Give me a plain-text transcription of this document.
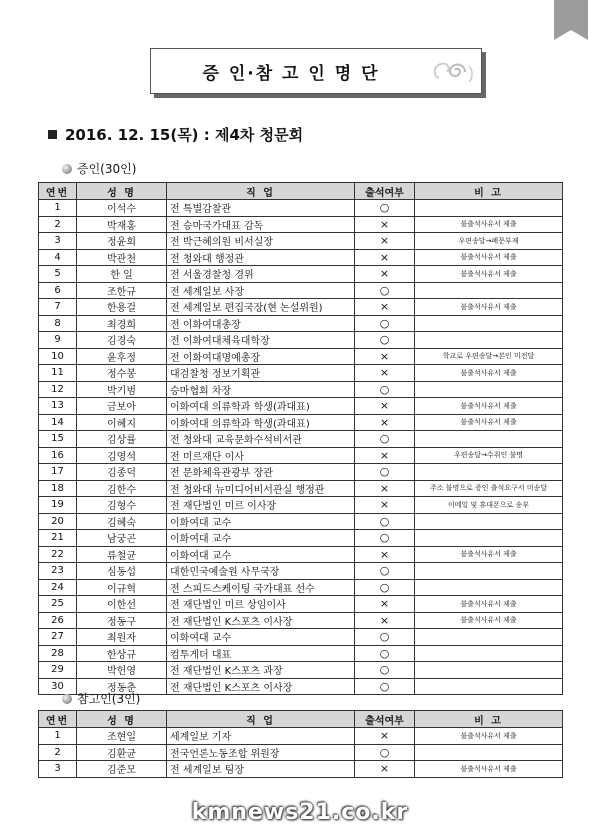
증 인·참 고 인 명 단
2016. 12. 15(목) : 제4차 청문회
증인(30인)
연번	성 명	직 업	출석여부	비 고
1	이석수	전 특별감찰관	○	
2	박재홍	전 승마국가대표 감독	×	불출석사유서 제출
3	정윤회	전 박근혜의원 비서실장	×	우편송달→폐문부재
4	박관천	전 청와대 행정관	×	불출석사유서 제출
5	한 일	전 서울경찰청 경위	×	불출석사유서 제출
6	조한규	전 세계일보 사장	○	
7	한용걸	전 세계일보 편집국장(현 논설위원)	×	불출석사유서 제출
8	최경희	전 이화여대총장	○	
9	김경숙	전 이화여대체육대학장	○	
10	윤후정	전 이화여대명예총장	×	학교로 우편송달→본인 미전달
11	정수봉	대검찰청 정보기획관	×	불출석사유서 제출
12	박기범	승마협회 차장	○	
13	금보아	이화여대 의류학과 학생(과대표)	×	불출석사유서 제출
14	이혜지	이화여대 의류학과 학생(과대표)	×	불출석사유서 제출
15	김상률	전 청와대 교육문화수석비서관	○	
16	김영석	전 미르재단 이사	×	우편송달→수취인 불명
17	김종덕	전 문화체육관광부 장관	○	
18	김한수	전 청와대 뉴미디어비서관실 행정관	×	주소 불명으로 증인 출석요구서 미송달
19	김형수	전 재단법인 미르 이사장	×	이메일 및 휴대폰으로 송부
20	김혜숙	이화여대 교수	○	
21	남궁곤	이화여대 교수	○	
22	류철균	이화여대 교수	×	불출석사유서 제출
23	심동섭	대한민국예술원 사무국장	○	
24	이규혁	전 스피드스케이팅 국가대표 선수	○	
25	이한선	전 재단법인 미르 상임이사	×	불출석사유서 제출
26	정동구	전 재단법인 K스포츠 이사장	×	불출석사유서 제출
27	최원자	이화여대 교수	○	
28	한상규	컴투게더 대표	○	
29	박헌영	전 재단법인 K스포츠 과장	○	
30	정동춘	전 재단법인 K스포츠 이사장	○	
참고인(3인)
연번	성 명	직 업	출석여부	비 고
1	조현일	세계일보 기자	×	불출석사유서 제출
2	김환균	전국언론노동조합 위원장	○	
3	김준모	전 세계일보 팀장	×	불출석사유서 제출
kmnews21.co.kr
